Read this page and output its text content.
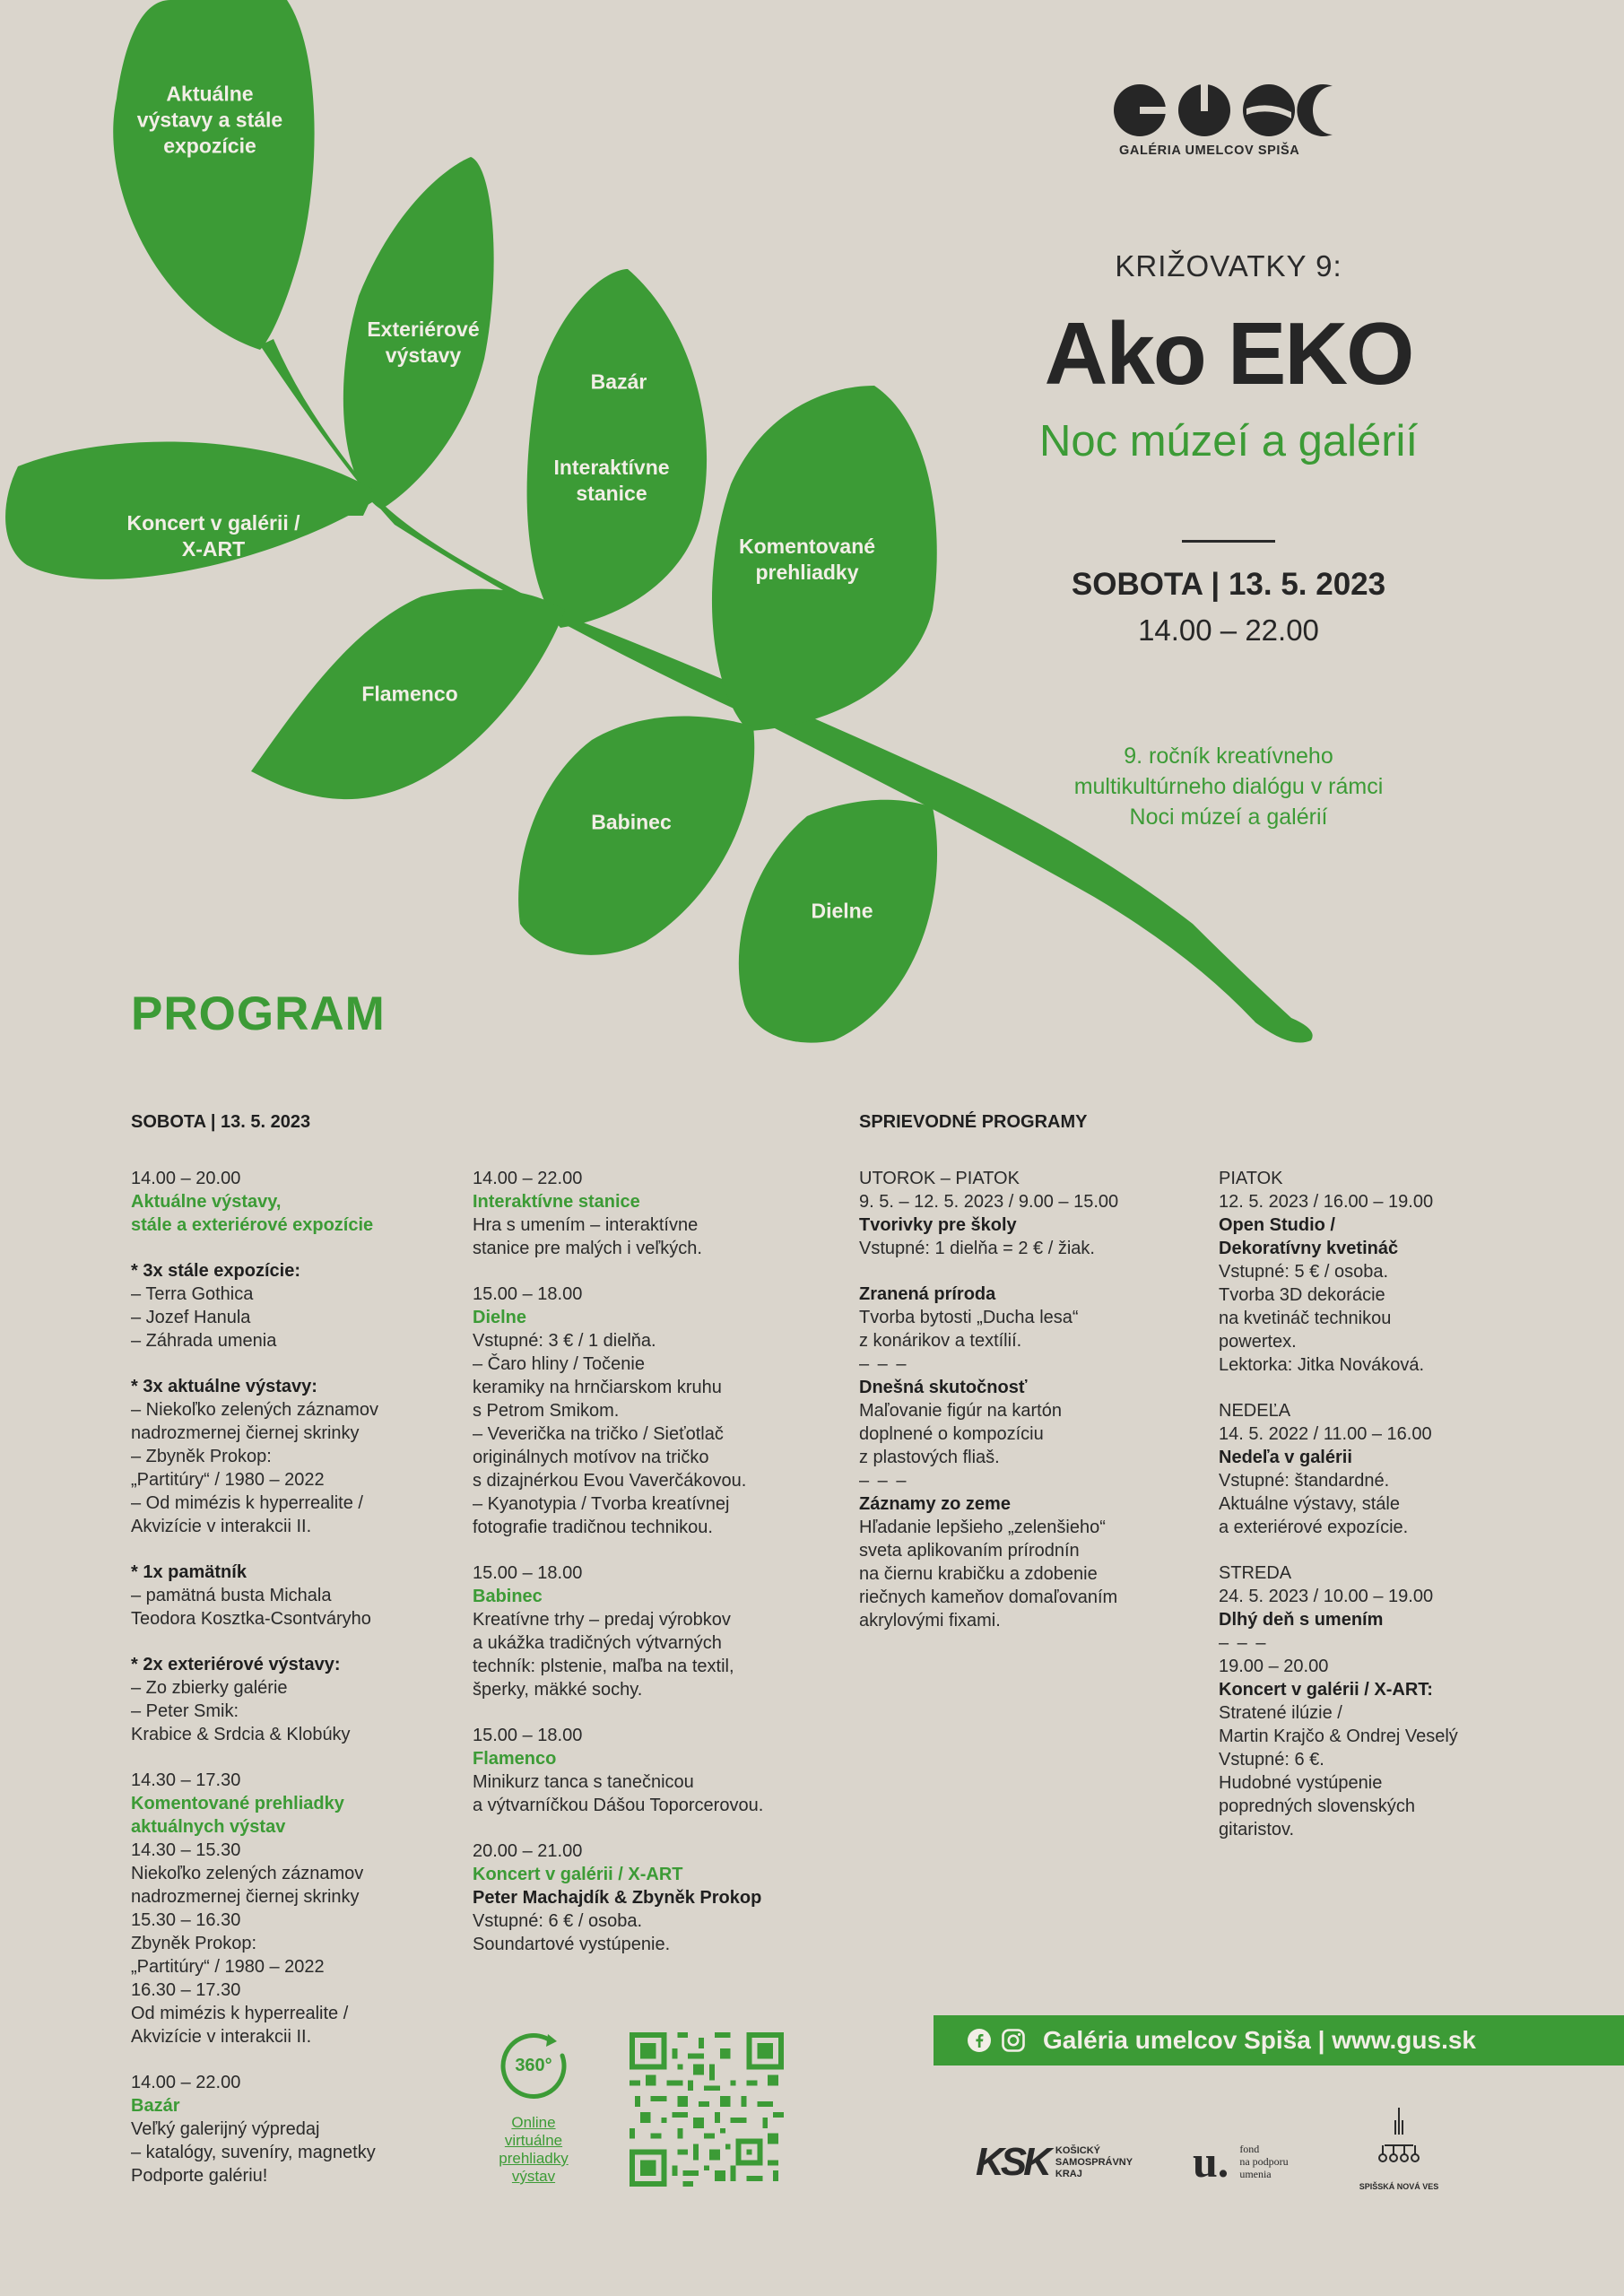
Aktuálne
výstavy a stále
expozície
Exteriérové
výstavy
Bazár
Interaktívne
stanice
Koncert v galérii /
X-ART	Komentované
prehliadky
Flamenco
Babinec
Dielne
GALÉRIA UMELCOV SPIŠA
KRIŽOVATKY 9:
Ako EKO
Noc múzeí a galérií
SOBOTA | 13. 5. 2023
14.00 – 22.00
9. ročník kreatívneho
multikultúrneho dialógu v rámci
Noci múzeí a galérií
PROGRAM
SOBOTA | 13. 5. 2023	SPRIEVODNÉ PROGRAMY
14.00 – 20.00
Aktuálne výstavy,
stále a exteriérové expozície
* 3x stále expozície:
– Terra Gothica
– Jozef Hanula
– Záhrada umenia
* 3x aktuálne výstavy:
– Niekoľko zelených záznamov
nadrozmernej čiernej skrinky
– Zbyněk Prokop:
„Partitúry“ / 1980 – 2022
– Od mimézis k hyperrealite /
Akvizície v interakcii II.
* 1x pamätník
– pamätná busta Michala
Teodora Kosztka-Csontváryho
* 2x exteriérové výstavy:
– Zo zbierky galérie
– Peter Smik:
Krabice & Srdcia & Klobúky
14.30 – 17.30
Komentované prehliadky
aktuálnych výstav
14.30 – 15.30
Niekoľko zelených záznamov
nadrozmernej čiernej skrinky
15.30 – 16.30
Zbyněk Prokop:
„Partitúry“ / 1980 – 2022
16.30 – 17.30
Od mimézis k hyperrealite /
Akvizície v interakcii II.
14.00 – 22.00
Bazár
Veľký galerijný výpredaj
– katalógy, suveníry, magnetky
Podporte galériu!
14.00 – 22.00
Interaktívne stanice
Hra s umením – interaktívne
stanice pre malých i veľkých.
15.00 – 18.00
Dielne
Vstupné: 3 € / 1 dielňa.
– Čaro hliny / Točenie
keramiky na hrnčiarskom kruhu
s Petrom Smikom.
– Veverička na tričko / Sieťotlač
originálnych motívov na tričko
s dizajnérkou Evou Vaverčákovou.
– Kyanotypia / Tvorba kreatívnej
fotografie tradičnou technikou.
15.00 – 18.00
Babinec
Kreatívne trhy – predaj výrobkov
a ukážka tradičných výtvarných
techník: plstenie, maľba na textil,
šperky, mäkké sochy.
15.00 – 18.00
Flamenco
Minikurz tanca s tanečnicou
a výtvarníčkou Dášou Toporcerovou.
20.00 – 21.00
Koncert v galérii / X-ART
Peter Machajdík & Zbyněk Prokop
Vstupné: 6 € / osoba.
Soundartové vystúpenie.
UTOROK – PIATOK
9. 5. – 12. 5. 2023 / 9.00 – 15.00
Tvorivky pre školy
Vstupné: 1 dielňa = 2 € / žiak.
Zranená príroda
Tvorba bytosti „Ducha lesa“
z konárikov a textílií.
– – –
Dnešná skutočnosť
Maľovanie figúr na kartón
doplnené o kompozíciu
z plastových fliaš.
– – –
Záznamy zo zeme
Hľadanie lepšieho „zelenšieho“
sveta aplikovaním prírodnín
na čiernu krabičku a zdobenie
riečnych kameňov domaľovaním
akrylovými fixami.
PIATOK
12. 5. 2023 / 16.00 – 19.00
Open Studio /
Dekoratívny kvetináč
Vstupné: 5 € / osoba.
Tvorba 3D dekorácie
na kvetináč technikou
powertex.
Lektorka: Jitka Nováková.
NEDEĽA
14. 5. 2022 / 11.00 – 16.00
Nedeľa v galérii
Vstupné: štandardné.
Aktuálne výstavy, stále
a exteriérové expozície.
STREDA
24. 5. 2023 / 10.00 – 19.00
Dlhý deň s umením
– – –
19.00 – 20.00
Koncert v galérii / X-ART:
Stratené ilúzie /
Martin Krajčo & Ondrej Veselý
Vstupné: 6 €.
Hudobné vystúpenie
popredných slovenských
gitaristov.
360°
Online
virtuálne
prehliadky
výstav
Galéria umelcov Spiša | www.gus.sk
KSK KOŠICKÝ
SAMOSPRÁVNY
KRAJ	u. fond
na podporu
umenia
SPIŠSKÁ NOVÁ VES
